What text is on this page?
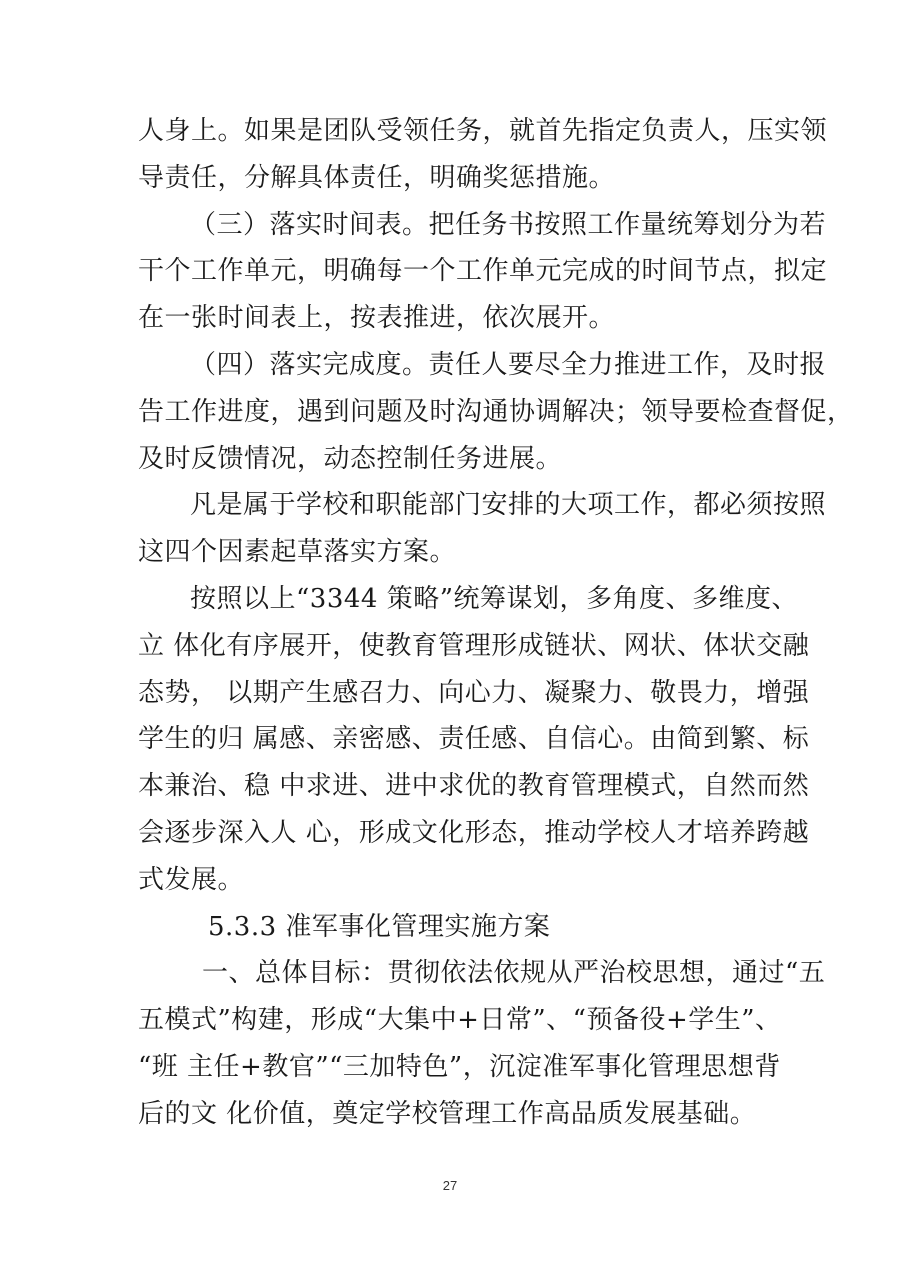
人身上。如果是团队受领任务，就首先指定负责人，压实领
导责任，分解具体责任，明确奖惩措施。
（三）落实时间表。把任务书按照工作量统筹划分为若
干个工作单元，明确每一个工作单元完成的时间节点，拟定
在一张时间表上，按表推进，依次展开。
（四）落实完成度。责任人要尽全力推进工作，及时报
告工作进度，遇到问题及时沟通协调解决；领导要检查督促，
及时反馈情况，动态控制任务进展。
凡是属于学校和职能部门安排的大项工作，都必须按照
这四个因素起草落实方案。
按照以上“3344 策略”统筹谋划，多角度、多维度、
立 体化有序展开，使教育管理形成链状、网状、体状交融
态势， 以期产生感召力、向心力、凝聚力、敬畏力，增强
学生的归 属感、亲密感、责任感、自信心。由简到繁、标
本兼治、稳 中求进、进中求优的教育管理模式，自然而然
会逐步深入人 心，形成文化形态，推动学校人才培养跨越
式发展。
5.3.3 准军事化管理实施方案
一、总体目标：贯彻依法依规从严治校思想，通过“五
五模式”构建，形成“大集中+日常”、“预备役+学生”、
“班 主任+教官”“三加特色”，沉淀准军事化管理思想背
后的文 化价值，奠定学校管理工作高品质发展基础。
27
